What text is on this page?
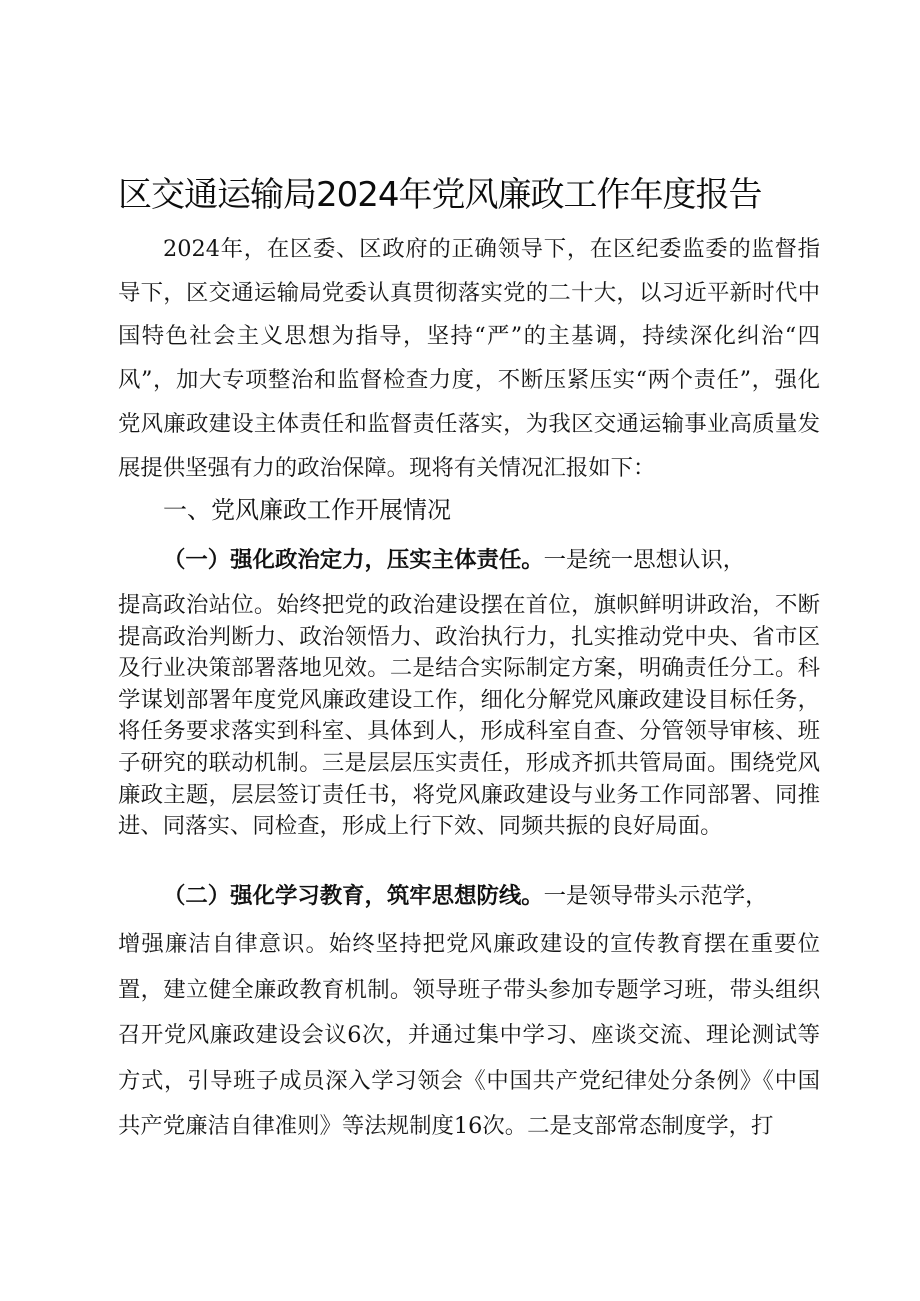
区交通运输局2024年党风廉政工作年度报告

2024年，在区委、区政府的正确领导下，在区纪委监委的监督指导下，区交通运输局党委认真贯彻落实党的二十大，以习近平新时代中国特色社会主义思想为指导，坚持“严”的主基调，持续深化纠治“四风”，加大专项整治和监督检查力度，不断压紧压实“两个责任”，强化党风廉政建设主体责任和监督责任落实，为我区交通运输事业高质量发展提供坚强有力的政治保障。现将有关情况汇报如下：

一、党风廉政工作开展情况
（一）强化政治定力，压实主体责任。一是统一思想认识，

提高政治站位。始终把党的政治建设摆在首位，旗帜鲜明讲政治，不断提高政治判断力、政治领悟力、政治执行力，扎实推动党中央、省市区及行业决策部署落地见效。二是结合实际制定方案，明确责任分工。科学谋划部署年度党风廉政建设工作，细化分解党风廉政建设目标任务，将任务要求落实到科室、具体到人，形成科室自查、分管领导审核、班子研究的联动机制。三是层层压实责任，形成齐抓共管局面。围绕党风廉政主题，层层签订责任书，将党风廉政建设与业务工作同部署、同推进、同落实、同检查，形成上行下效、同频共振的良好局面。

（二）强化学习教育，筑牢思想防线。一是领导带头示范学，

增强廉洁自律意识。始终坚持把党风廉政建设的宣传教育摆在重要位置，建立健全廉政教育机制。领导班子带头参加专题学习班，带头组织召开党风廉政建设会议6次，并通过集中学习、座谈交流、理论测试等方式，引导班子成员深入学习领会《中国共产党纪律处分条例》《中国共产党廉洁自律准则》等法规制度16次。二是支部常态制度学，打
